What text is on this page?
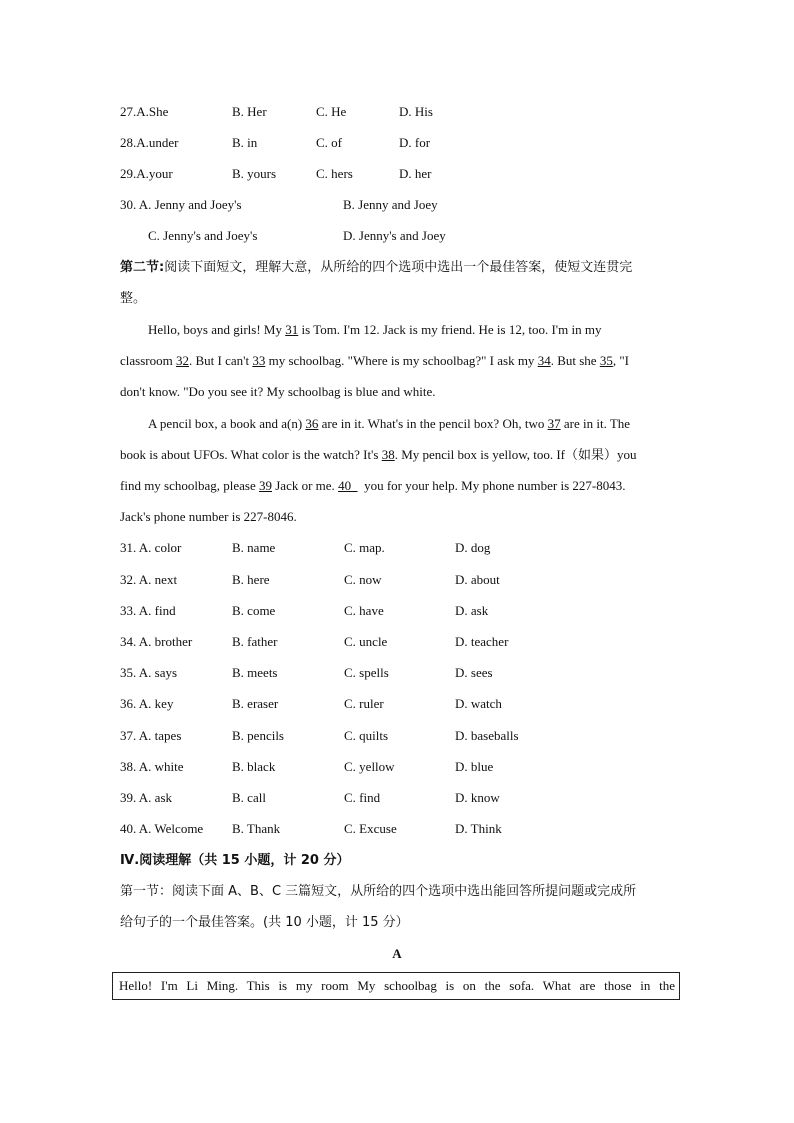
27.A.She	B. Her	C. He	D. His
28.A.under	B. in	C. of	D. for
29.A.your	B. yours	C. hers	D. her
30. A. Jenny and Joey's	B. Jenny and Joey
C. Jenny's and Joey's	D. Jenny's and Joey
第二节:阅读下面短文，理解大意，从所给的四个选项中选出一个最佳答案，使短文连贯完
整。
Hello, boys and girls! My 31 is Tom. I'm 12. Jack is my friend. He is 12, too. I'm in my
classroom 32. But I can't 33 my schoolbag. "Where is my schoolbag?" I ask my 34. But she 35, "I
don't know. "Do you see it? My schoolbag is blue and white.
A pencil box, a book and a(n) 36 are in it. What's in the pencil box? Oh, two 37 are in it. The
book is about UFOs. What color is the watch? It's 38. My pencil box is yellow, too. If（如果）you
find my schoolbag, please 39 Jack or me. 40    you for your help. My phone number is 227-8043.
Jack's phone number is 227-8046.
31. A. color	B. name	C. map.	D. dog
32. A. next	B. here	C. now	D. about
33. A. find	B. come	C. have	D. ask
34. A. brother	B. father	C. uncle	D. teacher
35. A. says	B. meets	C. spells	D. sees
36. A. key	B. eraser	C. ruler	D. watch
37. A. tapes	B. pencils	C. quilts	D. baseballs
38. A. white	B. black	C. yellow	D. blue
39. A. ask	B. call	C. find	D. know
40. A. Welcome B. Thank	C. Excuse	D. Think
Ⅳ.阅读理解（共 15 小题，计 20 分）
第一节：阅读下面 A、B、C 三篇短文，从所给的四个选项中选出能回答所提问题或完成所
给句子的一个最佳答案。(共 10 小题，计 15 分）
A
Hello! I'm Li Ming. This is my room My schoolbag is on the sofa. What are those in the
